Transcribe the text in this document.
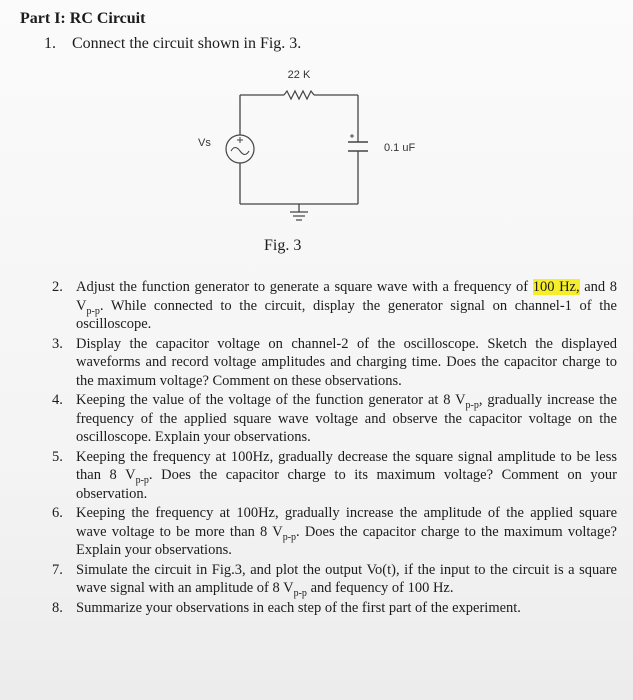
Part I: RC Circuit
1. Connect the circuit shown in Fig. 3.
22 K
Vs	0.1 uF
Fig. 3
2. Adjust the function generator to generate a square wave with a frequency of 100 Hz, and 8 $V_{p-p}$. While connected to the circuit, display the generator signal on channel-1 of the oscilloscope.
3. Display the capacitor voltage on channel-2 of the oscilloscope. Sketch the displayed waveforms and record voltage amplitudes and charging time. Does the capacitor charge to the maximum voltage? Comment on these observations.
4. Keeping the value of the voltage of the function generator at 8 $V_{p-p}$, gradually increase the frequency of the applied square wave voltage and observe the capacitor voltage on the oscilloscope. Explain your observations.
5. Keeping the frequency at 100Hz, gradually decrease the square signal amplitude to be less than 8 $V_{p-p}$. Does the capacitor charge to its maximum voltage? Comment on your observation.
6. Keeping the frequency at 100Hz, gradually increase the amplitude of the applied square wave voltage to be more than 8 $V_{p-p}$. Does the capacitor charge to the maximum voltage? Explain your observations.
7. Simulate the circuit in Fig.3, and plot the output Vo(t), if the input to the circuit is a square wave signal with an amplitude of 8 $V_{p-p}$ and fequency of 100 Hz.
8. Summarize your observations in each step of the first part of the experiment.
